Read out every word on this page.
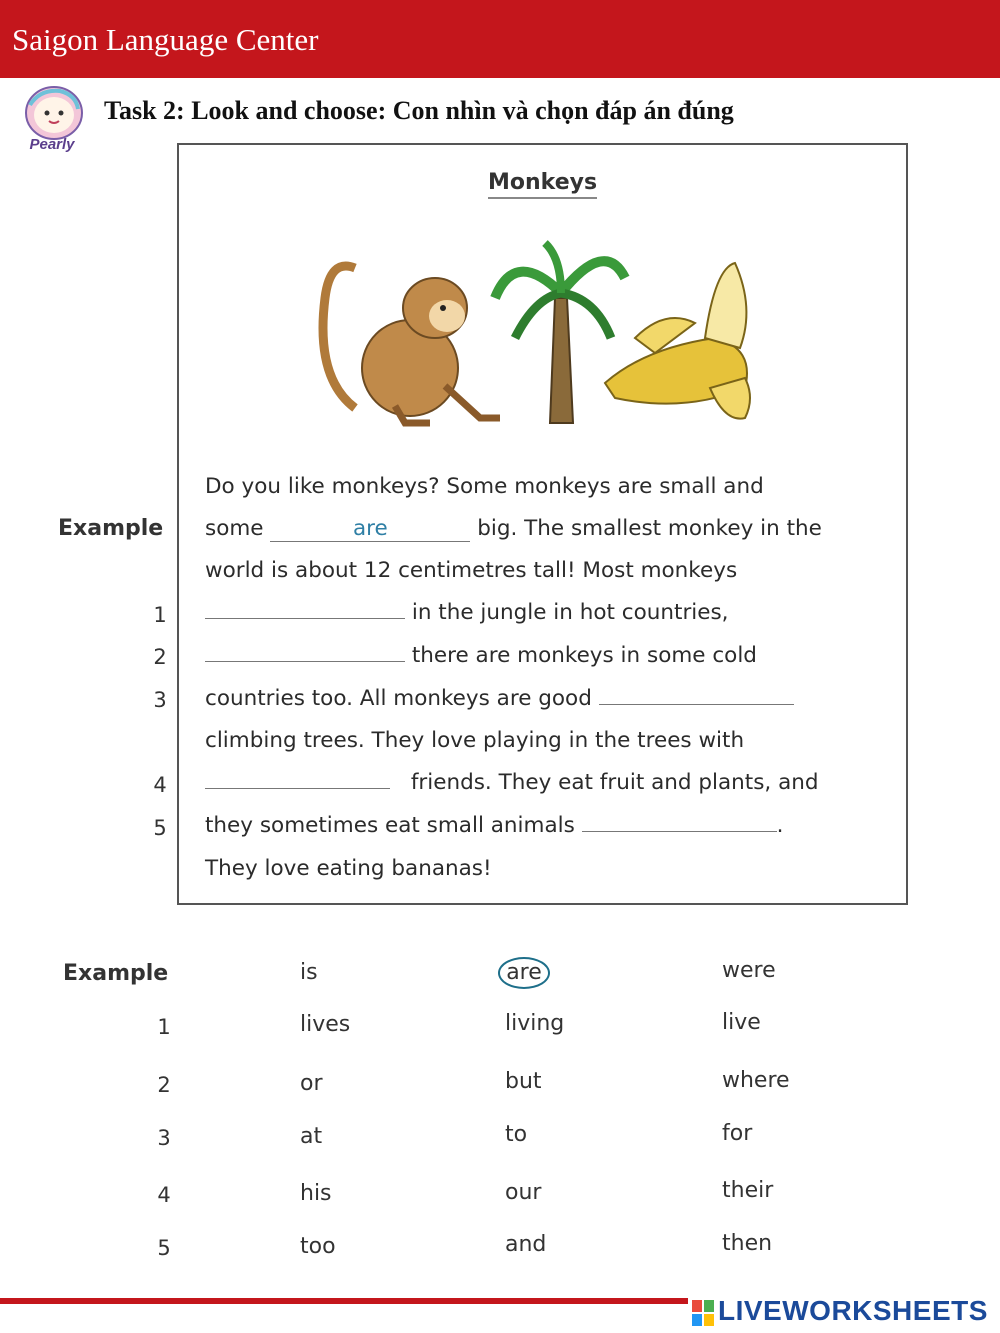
Saigon Language Center
Pearly
Task 2: Look and choose: Con nhìn và chọn đáp án đúng
Monkeys
Example
1
2
3
4
5
Do you like monkeys? Some monkeys are small and
some	are	big. The smallest monkey in the
world is about 12 centimetres tall! Most monkeys
in the jungle in hot countries,
there are monkeys in some cold
countries too. All monkeys are good
climbing trees. They love playing in the trees with
friends. They eat fruit and plants, and
they sometimes eat small animals	.
They love eating bananas!
Example	is	are	were
1	lives	living	live
2	or	but	where
3	at	to	for
4	his	our	their
5	too	and	then
LIVEWORKSHEETS
